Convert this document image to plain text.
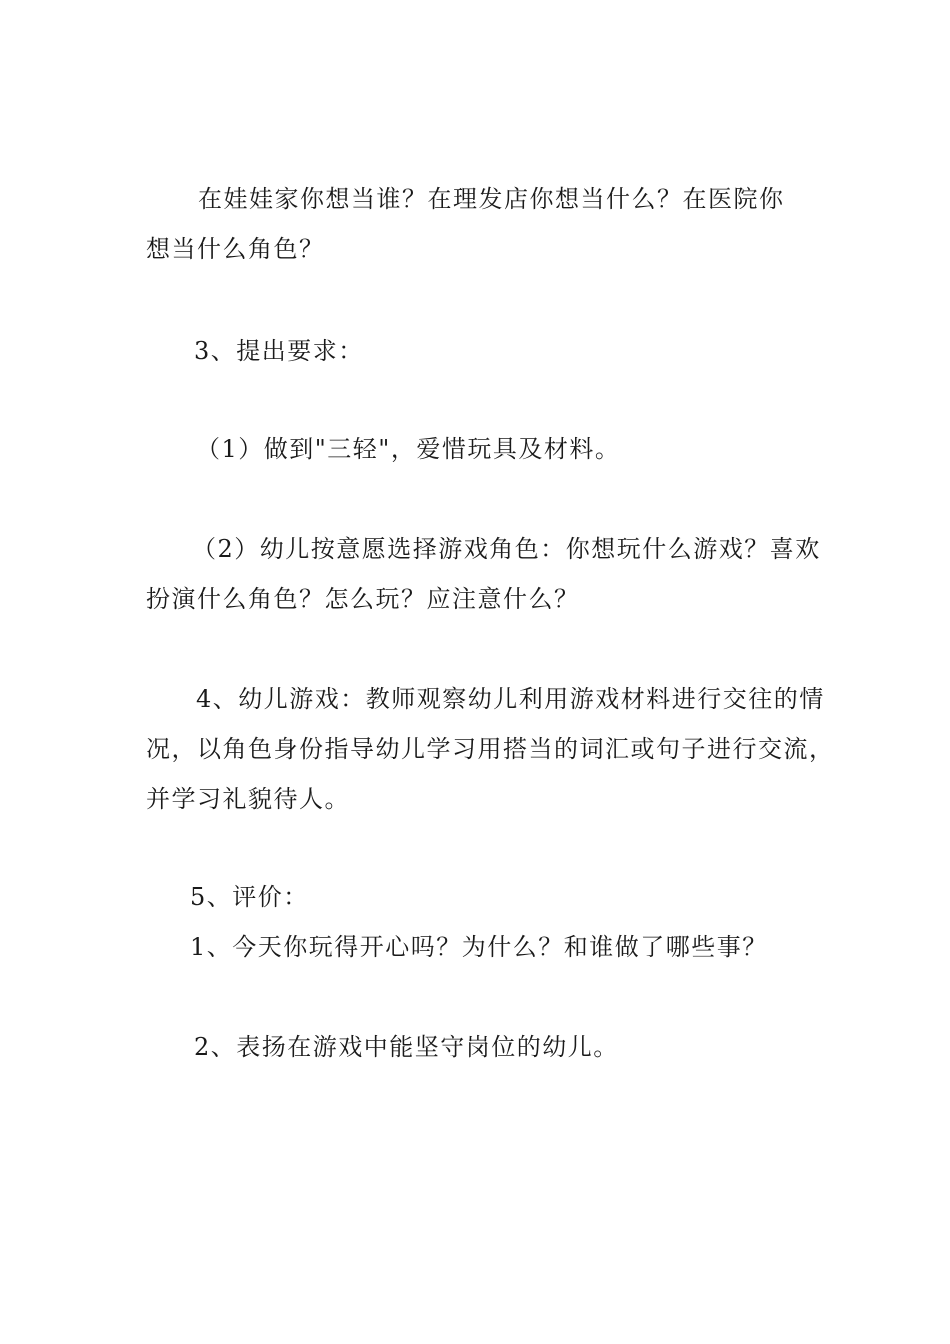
在娃娃家你想当谁？在理发店你想当什么？在医院你
想当什么角色？
3、提出要求：
（1）做到"三轻"，爱惜玩具及材料。
（2）幼儿按意愿选择游戏角色：你想玩什么游戏？喜欢
扮演什么角色？怎么玩？应注意什么？
4、幼儿游戏：教师观察幼儿利用游戏材料进行交往的情
况，以角色身份指导幼儿学习用搭当的词汇或句子进行交流，
并学习礼貌待人。
5、评价：
1、今天你玩得开心吗？为什么？和谁做了哪些事？
2、表扬在游戏中能坚守岗位的幼儿。
